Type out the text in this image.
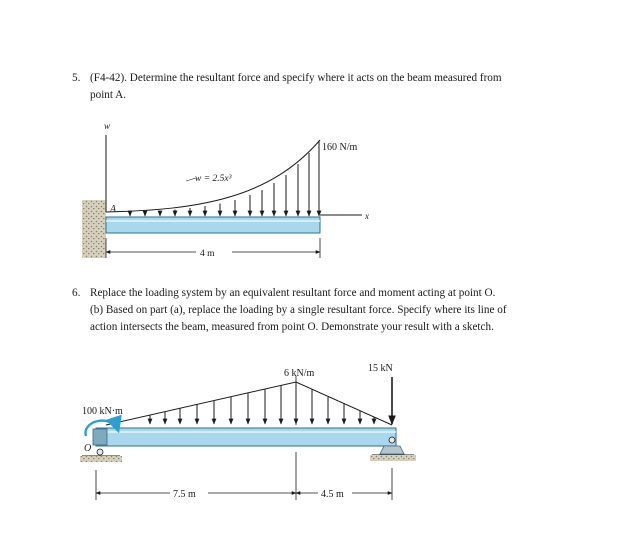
5. (F4-42). Determine the resultant force and specify where it acts on the beam measured from
point A.
6. Replace the loading system by an equivalent resultant force and moment acting at point O.
(b) Based on part (a), replace the loading by a single resultant force. Specify where its line of
action intersects the beam, measured from point O. Demonstrate your result with a sketch.
w
x
A
w = 2.5x³
160 N/m
4 m
15 kN
6 kN/m
100 kN·m
O
7.5 m	4.5 m
